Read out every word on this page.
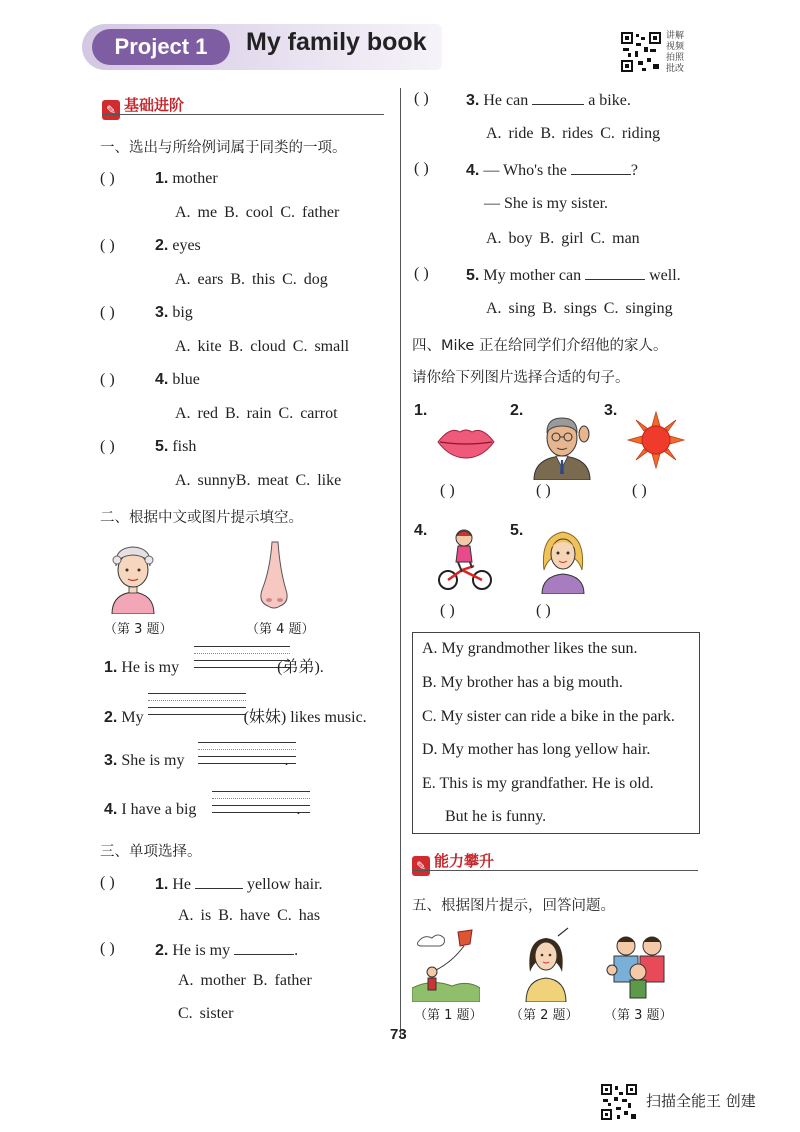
Project 1	My family book	讲解视频 拍照批改
✎ 基础进阶
一、选出与所给例词属于同类的一项。
( )	1. mother
A. me B. cool C. father
( )	2. eyes
A. ears B. this C. dog
( )	3. big
A. kite B. cloud C. small
( )	4. blue
A. red B. rain C. carrot
( )	5. fish
A. sunnyB. meat C. like
二、根据中文或图片提示填空。
（第 3 题）	（第 4 题）
1. He is my	(弟弟).
2. My	(妹妹) likes music.
3. She is my	.
4. I have a big	.
三、单项选择。
( )	1. He	yellow hair.
A. is B. have C. has
( )	2. He is my	.
A. mother B. father
C. sister
( ) 3. He can	a bike.
A. ride B. rides C. riding
( ) 4. — Who's the	?
— She is my sister.
A. boy B. girl C. man
( ) 5. My mother can	well.
A. sing B. sings C. singing
四、Mike 正在给同学们介绍他的家人。
请你给下列图片选择合适的句子。
1.	2.	3.
( )	( )	( )
4.	5.
( )	( )
A. My grandmother likes the sun.
B. My brother has a big mouth.
C. My sister can ride a bike in the park.
D. My mother has long yellow hair.
E. This is my grandfather. He is old.
But he is funny.
✎ 能力攀升
五、根据图片提示，回答问题。
（第 1 题） （第 2 题） （第 3 题）
73
扫描全能王 创建
